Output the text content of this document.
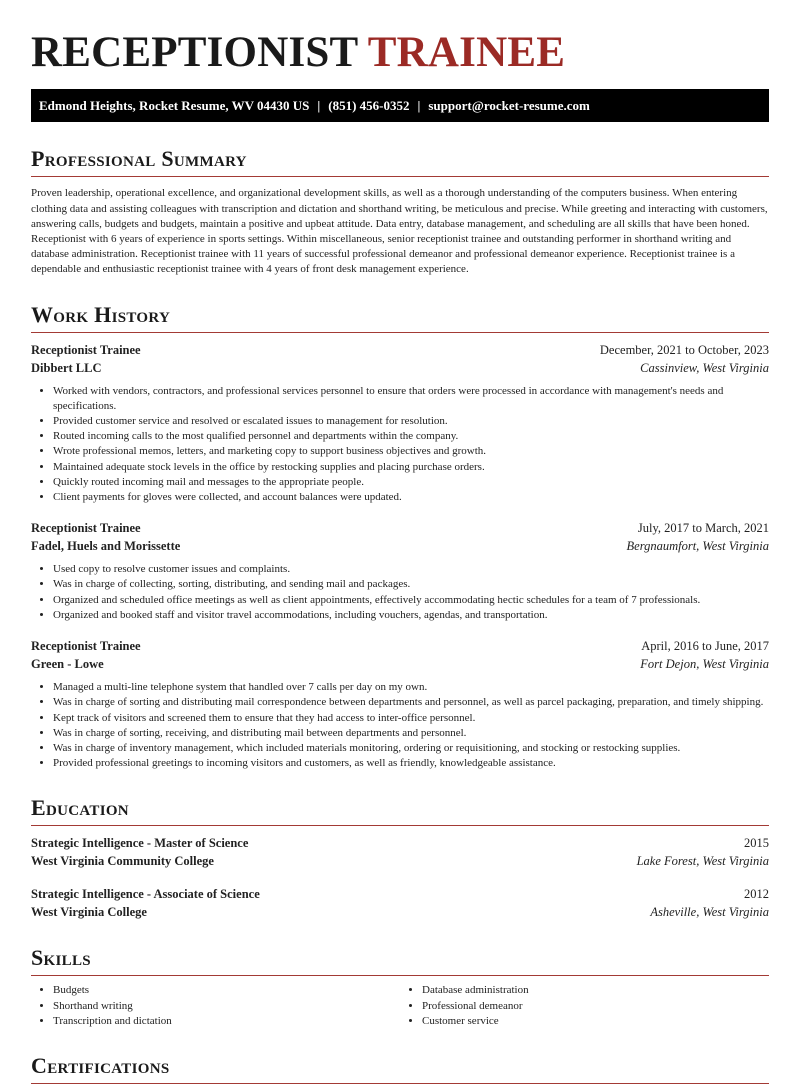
RECEPTIONIST TRAINEE
Edmond Heights, Rocket Resume, WV 04430 US | (851) 456-0352 | support@rocket-resume.com
Professional Summary

Proven leadership, operational excellence, and organizational development skills, as well as a thorough understanding of the computers business. When entering clothing data and assisting colleagues with transcription and dictation and shorthand writing, be meticulous and precise. While greeting and interacting with customers, answering calls, budgets and budgets, maintain a positive and upbeat attitude. Data entry, database management, and scheduling are all skills that have been honed. Receptionist with 6 years of experience in sports settings. Within miscellaneous, senior receptionist trainee and outstanding performer in shorthand writing and database administration. Receptionist trainee with 11 years of successful professional demeanor and professional demeanor experience. Receptionist trainee is a dependable and enthusiastic receptionist trainee with 4 years of front desk management experience.

Work History
Receptionist Trainee	December, 2021 to October, 2023
Dibbert LLC	Cassinview, West Virginia
• Worked with vendors, contractors, and professional services personnel to ensure that orders were processed in accordance with management's needs and specifications.
• Provided customer service and resolved or escalated issues to management for resolution.
• Routed incoming calls to the most qualified personnel and departments within the company.
• Wrote professional memos, letters, and marketing copy to support business objectives and growth.
• Maintained adequate stock levels in the office by restocking supplies and placing purchase orders.
• Quickly routed incoming mail and messages to the appropriate people.
• Client payments for gloves were collected, and account balances were updated.
Receptionist Trainee	July, 2017 to March, 2021
Fadel, Huels and Morissette	Bergnaumfort, West Virginia
• Used copy to resolve customer issues and complaints.
• Was in charge of collecting, sorting, distributing, and sending mail and packages.
• Organized and scheduled office meetings as well as client appointments, effectively accommodating hectic schedules for a team of 7 professionals.
• Organized and booked staff and visitor travel accommodations, including vouchers, agendas, and transportation.
Receptionist Trainee	April, 2016 to June, 2017
Green - Lowe	Fort Dejon, West Virginia
• Managed a multi-line telephone system that handled over 7 calls per day on my own.
• Was in charge of sorting and distributing mail correspondence between departments and personnel, as well as parcel packaging, preparation, and timely shipping.
• Kept track of visitors and screened them to ensure that they had access to inter-office personnel.
• Was in charge of sorting, receiving, and distributing mail between departments and personnel.
• Was in charge of inventory management, which included materials monitoring, ordering or requisitioning, and stocking or restocking supplies.
• Provided professional greetings to incoming visitors and customers, as well as friendly, knowledgeable assistance.
Education
Strategic Intelligence - Master of Science	2015
West Virginia Community College	Lake Forest, West Virginia
Strategic Intelligence - Associate of Science	2012
West Virginia College	Asheville, West Virginia
Skills
• Budgets
• Shorthand writing
• Transcription and dictation
• Database administration
• Professional demeanor
• Customer service
Certifications
